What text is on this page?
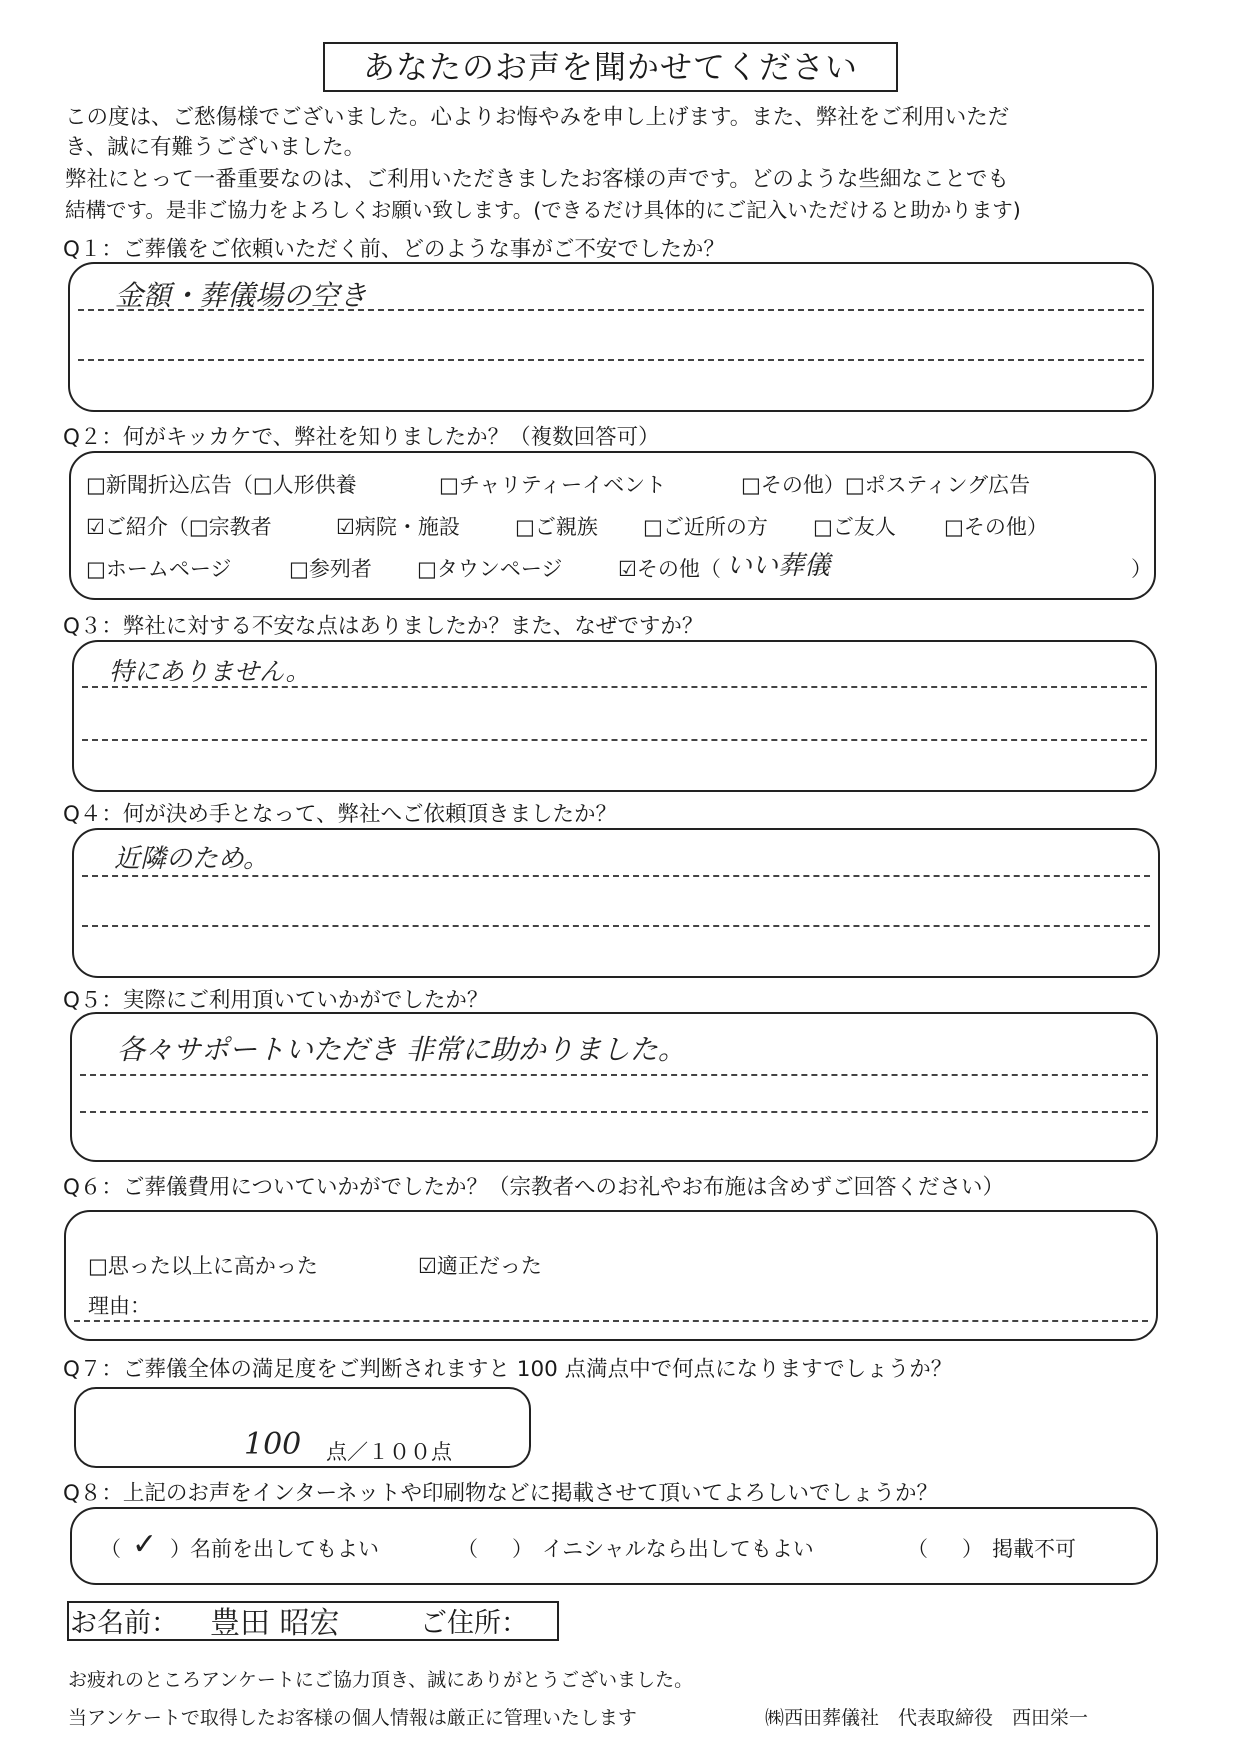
あなたのお声を聞かせてください
この度は、ご愁傷様でございました。心よりお悔やみを申し上げます。また、弊社をご利用いただ
き、誠に有難うございました。
弊社にとって一番重要なのは、ご利用いただきましたお客様の声です。どのような些細なことでも
結構です。是非ご協力をよろしくお願い致します。(できるだけ具体的にご記入いただけると助かります)
Q１：ご葬儀をご依頼いただく前、どのような事がご不安でしたか？
金額・葬儀場の空き
Q２：何がキッカケで、弊社を知りましたか？（複数回答可）
□新聞折込広告（□人形供養	□チャリティーイベント	□その他）□ポスティング広告
☑ご紹介（□宗教者	☑病院・施設	□ご親族 □ご近所の方 □ご友人 □その他）
□ホームページ	□参列者 □タウンページ	☑その他（ いい葬儀	）
Q３：弊社に対する不安な点はありましたか？また、なぜですか？
特にありません。
Q４：何が決め手となって、弊社へご依頼頂きましたか？
近隣のため。
Q５：実際にご利用頂いていかがでしたか？
各々サポートいただき 非常に助かりました。
Q６：ご葬儀費用についていかがでしたか？（宗教者へのお礼やお布施は含めずご回答ください）
□思った以上に高かった	☑適正だった
理由：
Q７：ご葬儀全体の満足度をご判断されますと 100 点満点中で何点になりますでしょうか？
100 点／１００点
Q８：上記のお声をインターネットや印刷物などに掲載させて頂いてよろしいでしょうか？
（ ✓ ） 名前を出してもよい	（ ） イニシャルなら出してもよい	（ ） 掲載不可
お名前： 豊田 昭宏	ご住所：
お疲れのところアンケートにご協力頂き、誠にありがとうございました。
当アンケートで取得したお客様の個人情報は厳正に管理いたします	㈱西田葬儀社　代表取締役　西田栄一
